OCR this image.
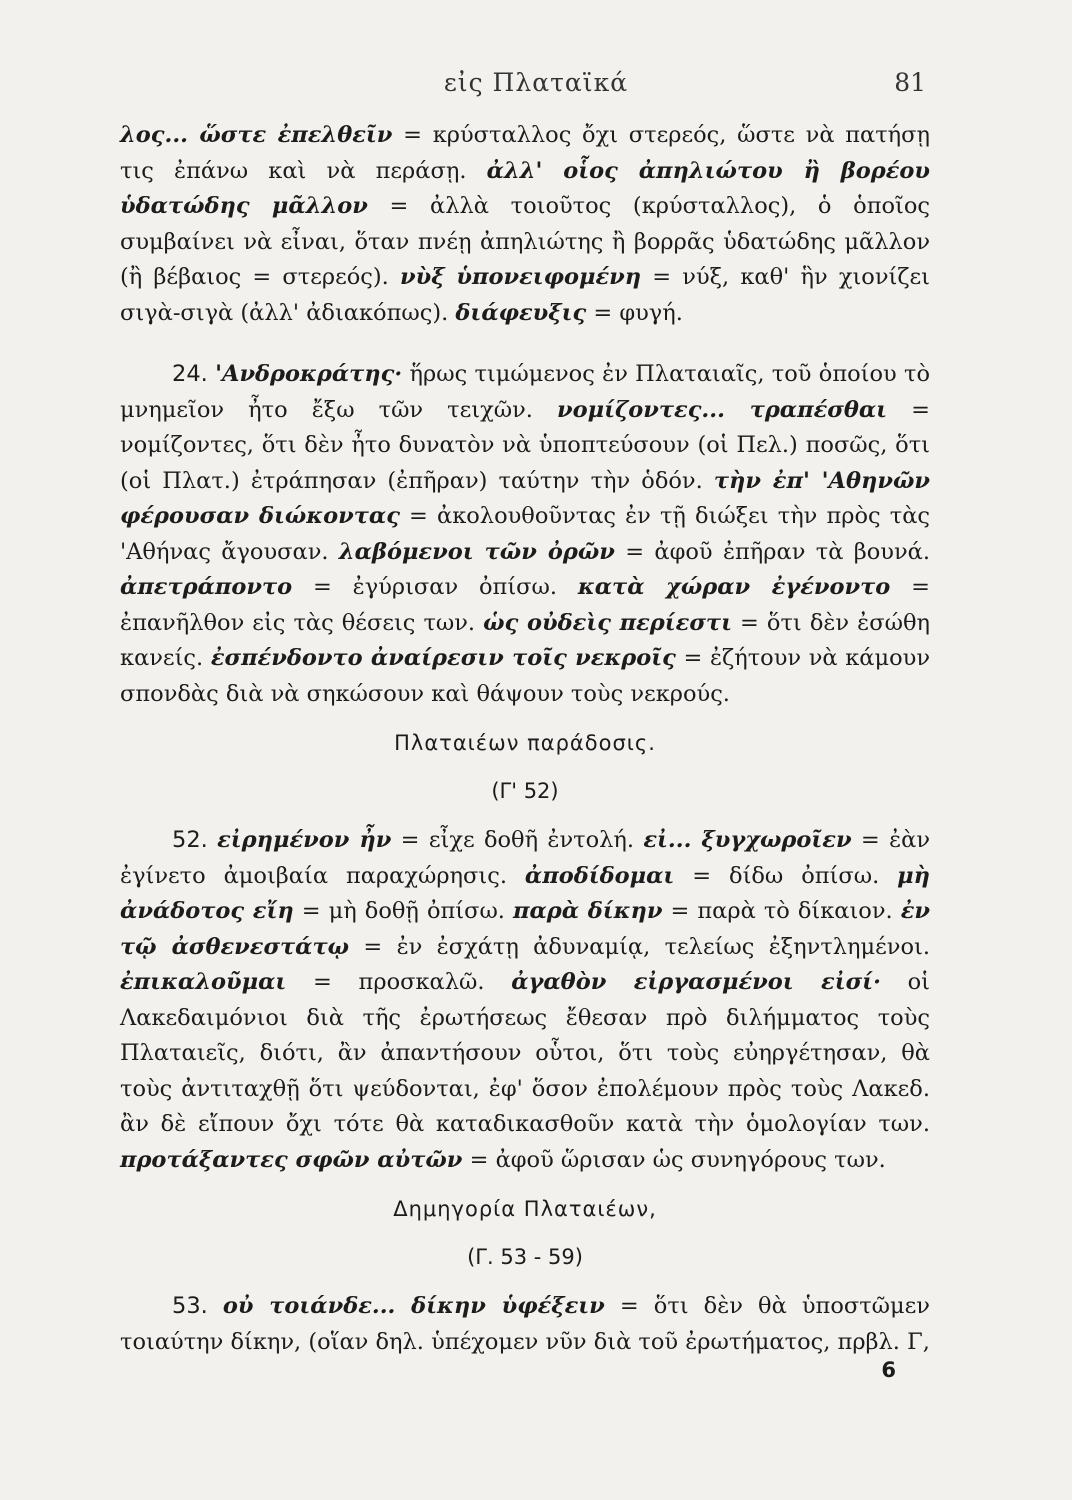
εἰς Πλαταϊκά	81

λος... ὥστε ἐπελθεῖν = κρύσταλλος ὄχι στερεός, ὥστε νὰ πατήσῃ τις ἐπάνω καὶ νὰ περάσῃ. ἀλλ' οἷος ἀπηλιώτου ἢ βορέου ὑδατώδης μᾶλλον = ἀλλὰ τοιοῦτος (κρύσταλλος), ὁ ὁποῖος συμβαίνει νὰ εἶναι, ὅταν πνέῃ ἀπηλιώτης ἢ βορρᾶς ὑδατώδης μᾶλλον (ἢ βέβαιος = στερεός). νὺξ ὑπονειφομένη = νύξ, καθ' ἣν χιονίζει σιγὰ-σιγὰ (ἀλλ' ἀδιακόπως). διάφευξις = φυγή.

24. 'Ανδροκράτης· ἥρως τιμώμενος ἐν Πλαταιαῖς, τοῦ ὁποίου τὸ μνημεῖον ἦτο ἔξω τῶν τειχῶν. νομίζοντες... τραπέσθαι = νομίζοντες, ὅτι δὲν ἦτο δυνατὸν νὰ ὑποπτεύσουν (οἱ Πελ.) ποσῶς, ὅτι (οἱ Πλατ.) ἐτράπησαν (ἐπῆραν) ταύτην τὴν ὁδόν. τὴν ἐπ' 'Αθηνῶν φέρουσαν διώκοντας = ἀκολουθοῦντας ἐν τῇ διώξει τὴν πρὸς τὰς 'Αθήνας ἄγουσαν. λαβόμενοι τῶν ὀρῶν = ἀφοῦ ἐπῆραν τὰ βουνά. ἀπετράποντο = ἐγύρισαν ὀπίσω. κατὰ χώραν ἐγένοντο = ἐπανῆλθον εἰς τὰς θέσεις των. ὡς οὐδεὶς περίεστι = ὅτι δὲν ἐσώθη κανείς. ἐσπένδοντο ἀναίρεσιν τοῖς νεκροῖς = ἐζήτουν νὰ κάμουν σπονδὰς διὰ νὰ σηκώσουν καὶ θάψουν τοὺς νεκρούς.

Πλαταιέων παράδοσις.
(Γ' 52)

52. εἰρημένον ἦν = εἶχε δοθῆ ἐντολή. εἰ... ξυγχωροῖεν = ἐὰν ἐγίνετο ἀμοιβαία παραχώρησις. ἀποδίδομαι = δίδω ὀπίσω. μὴ ἀνάδοτος εἴη = μὴ δοθῇ ὀπίσω. παρὰ δίκην = παρὰ τὸ δίκαιον. ἐν τῷ ἀσθενεστάτῳ = ἐν ἐσχάτῃ ἀδυναμίᾳ, τελείως ἐξηντλημένοι. ἐπικαλοῦμαι = προσκαλῶ. ἀγαθὸν εἰργασμένοι εἰσί· οἱ Λακεδαιμόνιοι διὰ τῆς ἐρωτήσεως ἔθεσαν πρὸ διλήμματος τοὺς Πλαταιεῖς, διότι, ἂν ἀπαντήσουν οὗτοι, ὅτι τοὺς εὐηργέτησαν, θὰ τοὺς ἀντιταχθῇ ὅτι ψεύδονται, ἐφ' ὅσον ἐπολέμουν πρὸς τοὺς Λακεδ. ἂν δὲ εἴπουν ὄχι τότε θὰ καταδικασθοῦν κατὰ τὴν ὁμολογίαν των. προτάξαντες σφῶν αὐτῶν = ἀφοῦ ὥρισαν ὡς συνηγόρους των.

Δημηγορία Πλαταιέων,
(Γ. 53 - 59)

53. οὐ τοιάνδε... δίκην ὑφέξειν = ὅτι δὲν θὰ ὑποστῶμεν τοιαύτην δίκην, (οἵαν δηλ. ὑπέχομεν νῦν διὰ τοῦ ἐρωτήματος, πρβλ. Γ,

6
